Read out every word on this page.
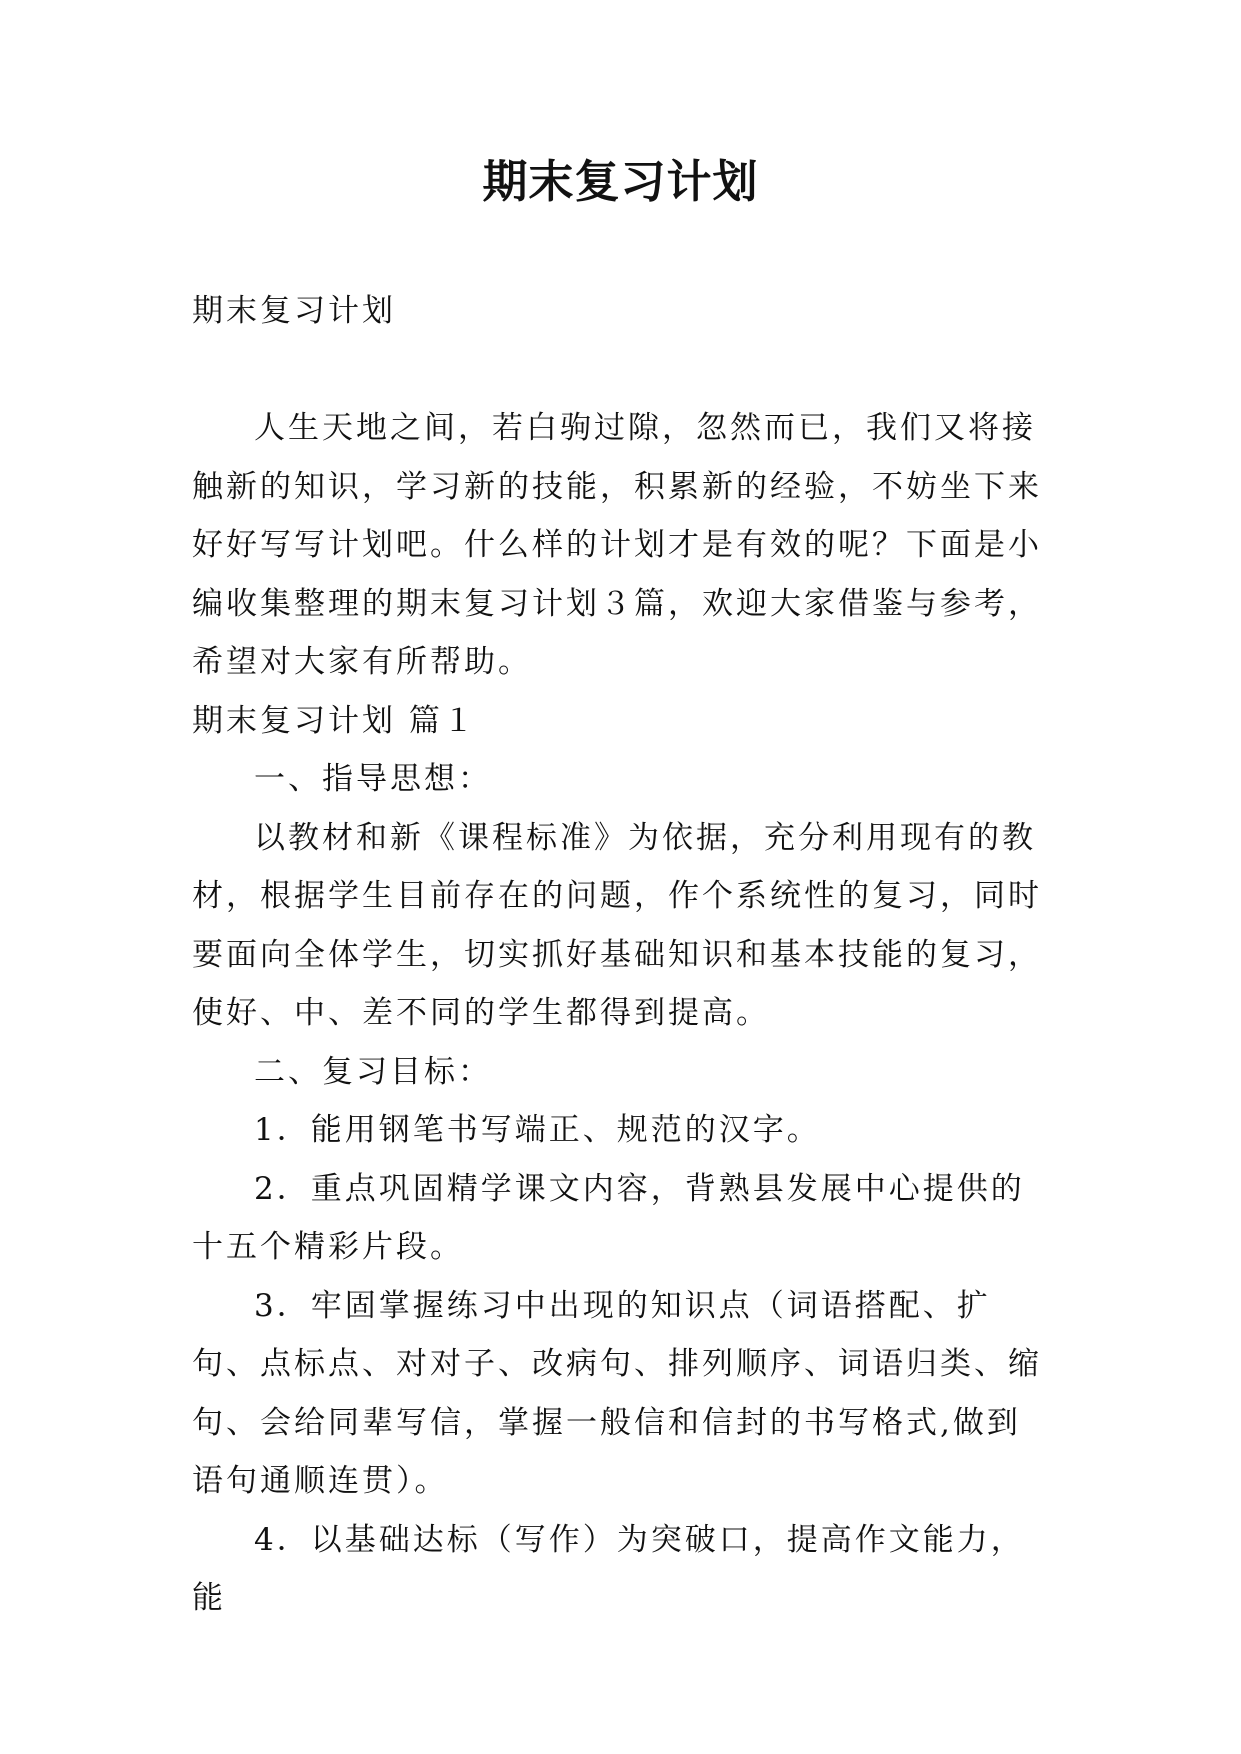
期末复习计划

期末复习计划

人生天地之间，若白驹过隙，忽然而已，我们又将接触新的知识，学习新的技能，积累新的经验，不妨坐下来好好写写计划吧。什么样的计划才是有效的呢？下面是小编收集整理的期末复习计划３篇，欢迎大家借鉴与参考，希望对大家有所帮助。

期末复习计划 篇１

一、指导思想：

以教材和新《课程标准》为依据，充分利用现有的教材，根据学生目前存在的问题，作个系统性的复习，同时要面向全体学生，切实抓好基础知识和基本技能的复习，使好、中、差不同的学生都得到提高。

二、复习目标：

1．能用钢笔书写端正、规范的汉字。

2．重点巩固精学课文内容，背熟县发展中心提供的十五个精彩片段。

3．牢固掌握练习中出现的知识点（词语搭配、扩句、点标点、对对子、改病句、排列顺序、词语归类、缩句、会给同辈写信，掌握一般信和信封的书写格式,做到语句通顺连贯）。

4．以基础达标（写作）为突破口，提高作文能力，能
